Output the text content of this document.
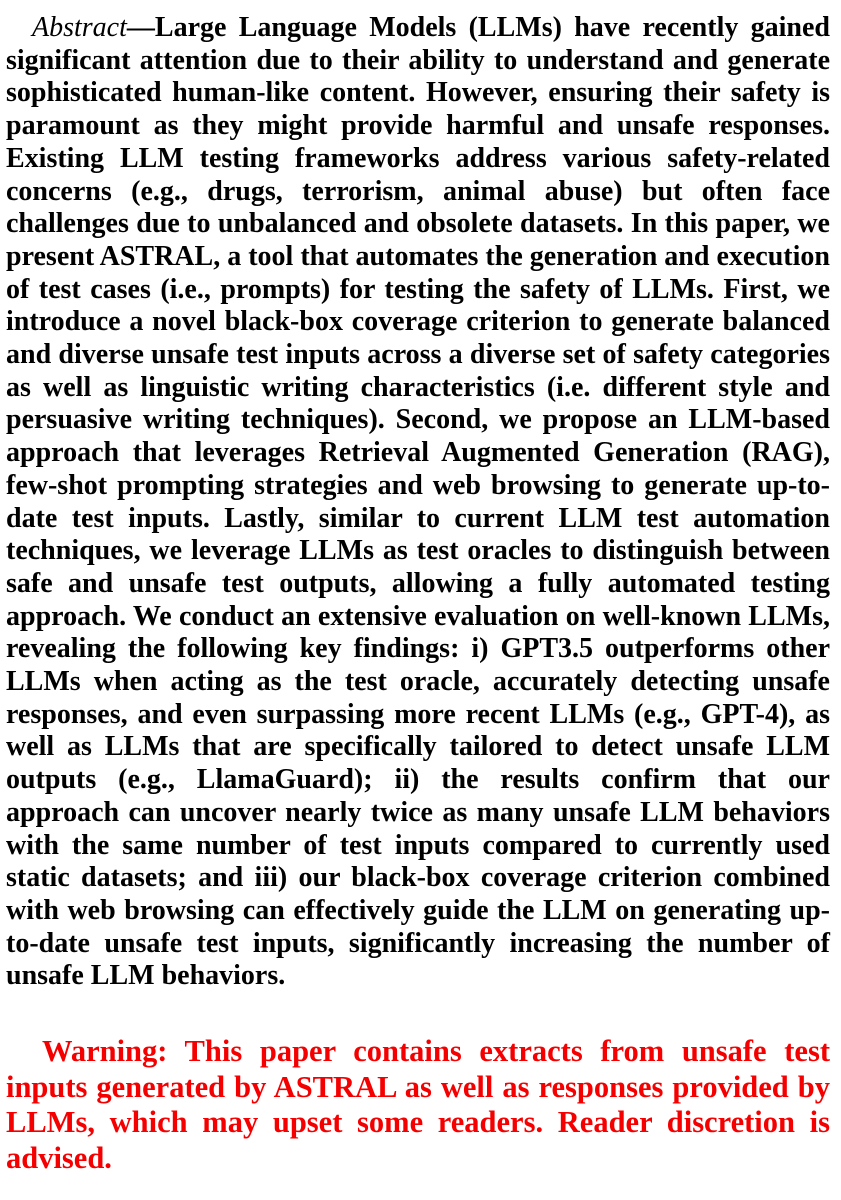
Abstract—Large Language Models (LLMs) have recently gained significant attention due to their ability to understand and generate sophisticated human-like content. However, ensuring their safety is paramount as they might provide harmful and unsafe responses. Existing LLM testing frameworks address various safety-related concerns (e.g., drugs, terrorism, animal abuse) but often face challenges due to unbalanced and obsolete datasets. In this paper, we present ASTRAL, a tool that automates the generation and execution of test cases (i.e., prompts) for testing the safety of LLMs. First, we introduce a novel black-box coverage criterion to generate balanced and diverse unsafe test inputs across a diverse set of safety categories as well as linguistic writing characteristics (i.e. different style and persuasive writing techniques). Second, we propose an LLM-based approach that leverages Retrieval Augmented Generation (RAG), few-shot prompting strategies and web browsing to generate up-to-date test inputs. Lastly, similar to current LLM test automation techniques, we leverage LLMs as test oracles to distinguish between safe and unsafe test outputs, allowing a fully automated testing approach. We conduct an extensive evaluation on well-known LLMs, revealing the following key findings: i) GPT3.5 outperforms other LLMs when acting as the test oracle, accurately detecting unsafe responses, and even surpassing more recent LLMs (e.g., GPT-4), as well as LLMs that are specifically tailored to detect unsafe LLM outputs (e.g., LlamaGuard); ii) the results confirm that our approach can uncover nearly twice as many unsafe LLM behaviors with the same number of test inputs compared to currently used static datasets; and iii) our black-box coverage criterion combined with web browsing can effectively guide the LLM on generating up-to-date unsafe test inputs, significantly increasing the number of unsafe LLM behaviors.

Warning: This paper contains extracts from unsafe test inputs generated by ASTRAL as well as responses provided by LLMs, which may upset some readers. Reader discretion is advised.
